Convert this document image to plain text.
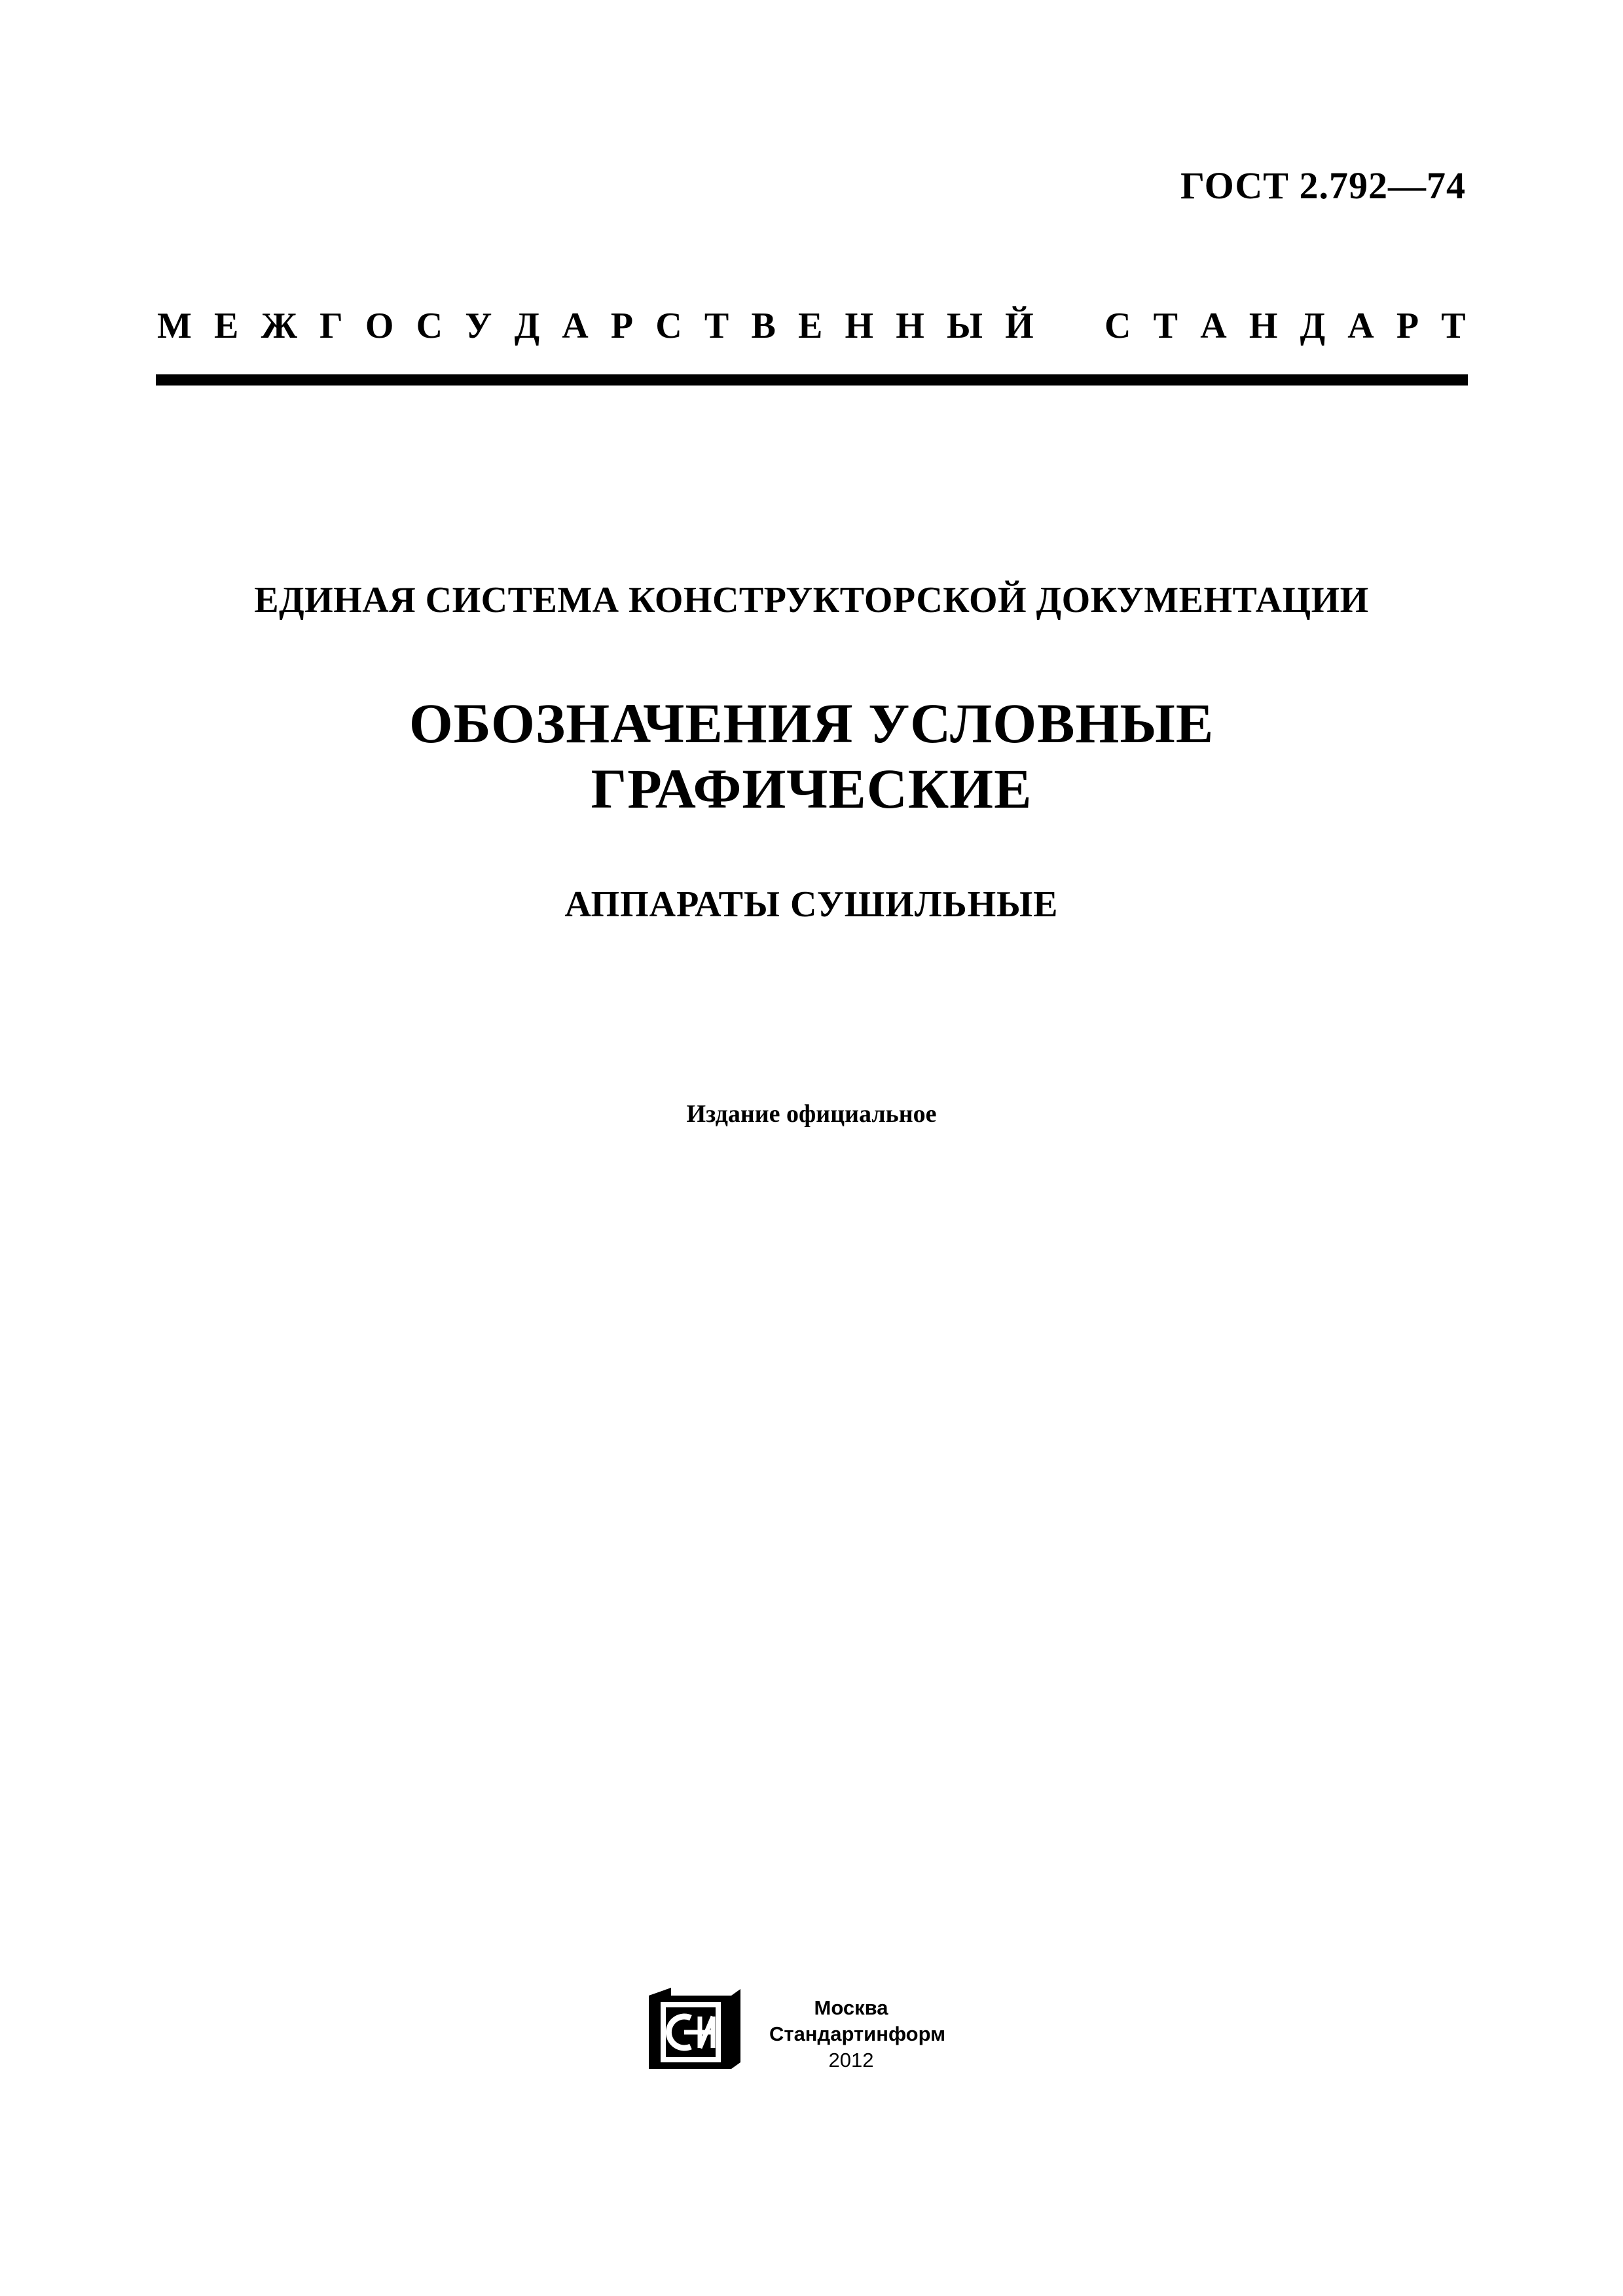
ГОСТ 2.792—74
М Е Ж Г О С У Д А Р С Т В Е Н Н Ы Й С Т А Н Д А Р Т
ЕДИНАЯ СИСТЕМА КОНСТРУКТОРСКОЙ ДОКУМЕНТАЦИИ
ОБОЗНАЧЕНИЯ УСЛОВНЫЕ
ГРАФИЧЕСКИЕ
АППАРАТЫ СУШИЛЬНЫЕ
Издание официальное
Москва
Стандартинформ
2012
